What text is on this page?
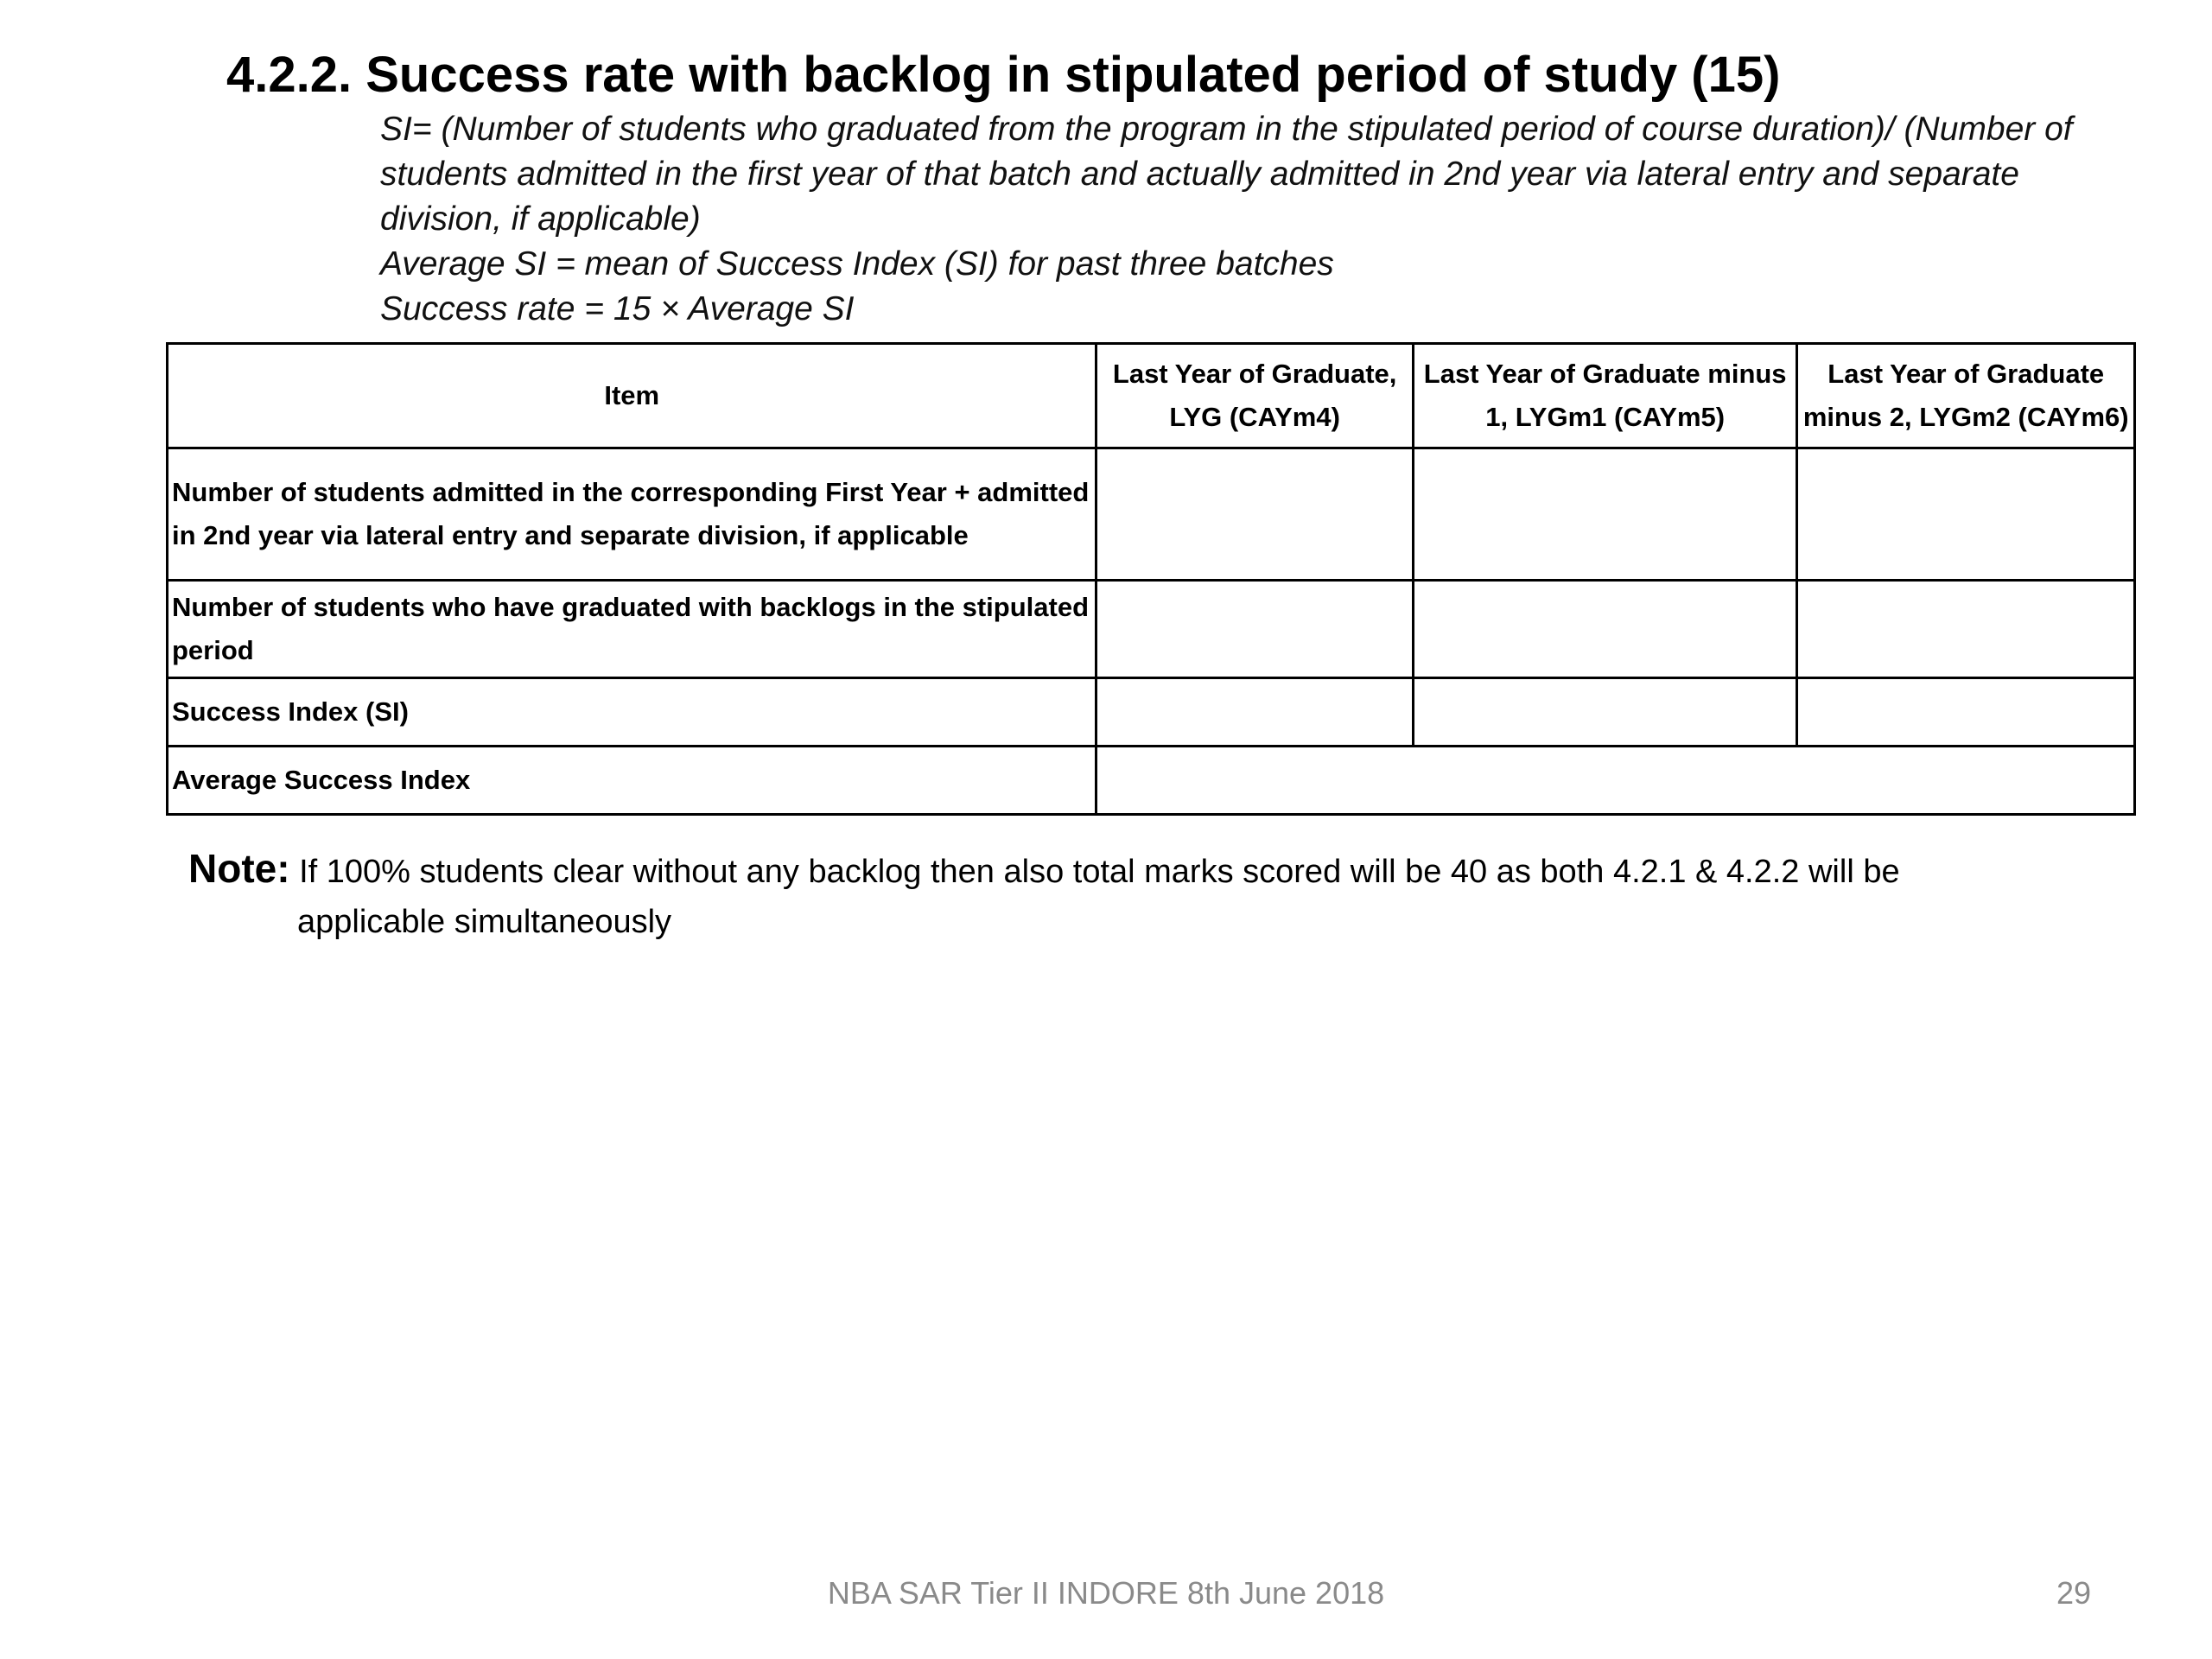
4.2.2. Success rate with backlog in stipulated period of study (15)
SI= (Number of students who graduated from the program in the stipulated period of course duration)/ (Number of
students admitted in the first year of that batch and actually admitted in 2nd year via lateral entry and separate
division, if applicable)
Average SI = mean of Success Index (SI) for past three batches
Success rate = 15 × Average SI
Item	Last Year of Graduate, LYG (CAYm4)	Last Year of Graduate minus 1, LYGm1 (CAYm5)	Last Year of Graduate minus 2, LYGm2 (CAYm6)
Number of students admitted in the corresponding First Year + admitted in 2nd year via lateral entry and separate division, if applicable			
Number of students who have graduated with backlogs in the stipulated period			
Success Index (SI)			
Average Success Index			
Note: If 100% students clear without any backlog then also total marks scored will be 40 as both 4.2.1 & 4.2.2 will be
applicable simultaneously
NBA SAR Tier II INDORE 8th June 2018	29
